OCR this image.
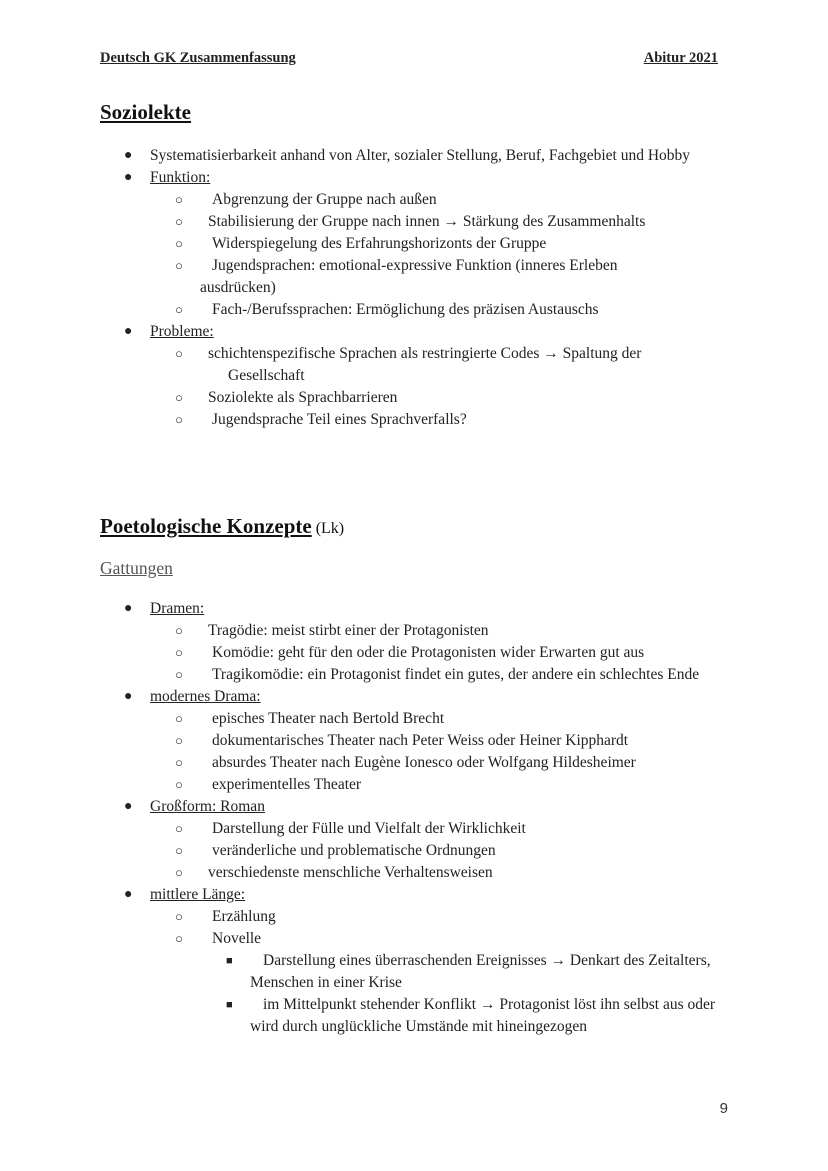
Deutsch GK Zusammenfassung	Abitur 2021
Soziolekte
● Systematisierbarkeit anhand von Alter, sozialer Stellung, Beruf, Fachgebiet und Hobby
● Funktion:
○ Abgrenzung der Gruppe nach außen
○ Stabilisierung der Gruppe nach innen → Stärkung des Zusammenhalts
○ Widerspiegelung des Erfahrungshorizonts der Gruppe
○ Jugendsprachen: emotional-expressive Funktion (inneres Erleben ausdrücken)
○ Fach-/Berufssprachen: Ermöglichung des präzisen Austauschs
● Probleme:
○ schichtenspezifische Sprachen als restringierte Codes → Spaltung der Gesellschaft
○ Soziolekte als Sprachbarrieren
○ Jugendsprache Teil eines Sprachverfalls?
Poetologische Konzepte (Lk)
Gattungen
● Dramen:
○ Tragödie: meist stirbt einer der Protagonisten
○ Komödie: geht für den oder die Protagonisten wider Erwarten gut aus
○ Tragikomödie: ein Protagonist findet ein gutes, der andere ein schlechtes Ende
● modernes Drama:
○ episches Theater nach Bertold Brecht
○ dokumentarisches Theater nach Peter Weiss oder Heiner Kipphardt
○ absurdes Theater nach Eugène Ionesco oder Wolfgang Hildesheimer
○ experimentelles Theater
● Großform: Roman
○ Darstellung der Fülle und Vielfalt der Wirklichkeit
○ veränderliche und problematische Ordnungen
○ verschiedenste menschliche Verhaltensweisen
● mittlere Länge:
○ Erzählung
○ Novelle
■ Darstellung eines überraschenden Ereignisses → Denkart des Zeitalters, Menschen in einer Krise
■ im Mittelpunkt stehender Konflikt → Protagonist löst ihn selbst aus oder wird durch unglückliche Umstände mit hineingezogen
9
